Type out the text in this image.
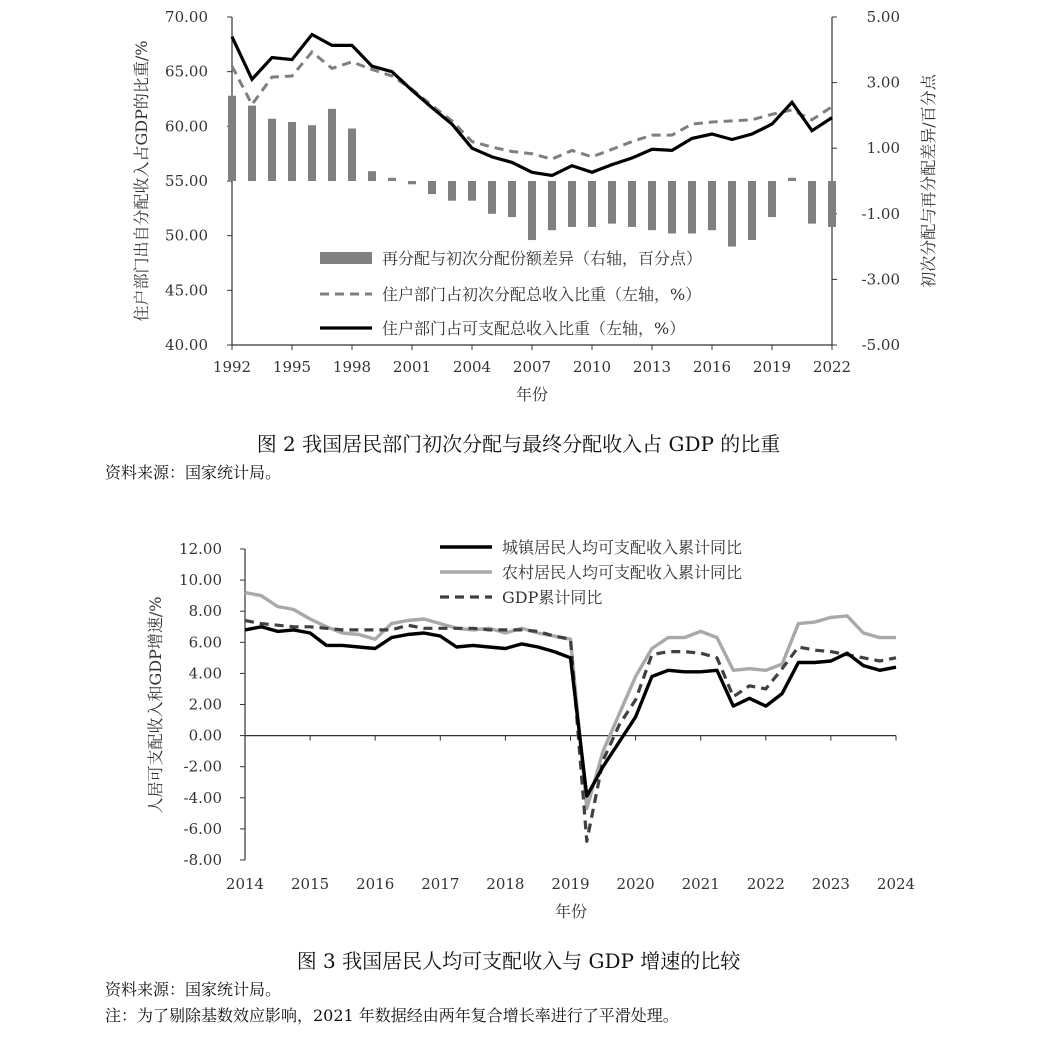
70.00
65.00
60.00
55.00
50.00
45.00
40.00
5.00
3.00
1.00
-1.00
-3.00
-5.00
1992 1995 1998 2001 2004 2007 2010 2013 2016 2019 2022
年份
住户部门出自分配收入占GDP的比重/%	初次分配与再分配差异/百分点
再分配与初次分配份额差异（右轴，百分点）
住户部门占初次分配总收入比重（左轴，%）
住户部门占可支配总收入比重（左轴，%）
图 2 我国居民部门初次分配与最终分配收入占 GDP 的比重
资料来源：国家统计局。
12.00
10.00
8.00
6.00
4.00
2.00
0.00
-2.00
-4.00
-6.00
-8.00
2014 2015 2016 2017 2018 2019 2020 2021 2022 2023 2024
年份
人居可支配收入和GDP增速/%
城镇居民人均可支配收入累计同比
农村居民人均可支配收入累计同比
GDP累计同比
图 3 我国居民人均可支配收入与 GDP 增速的比较
资料来源：国家统计局。
注：为了剔除基数效应影响，2021 年数据经由两年复合增长率进行了平滑处理。
